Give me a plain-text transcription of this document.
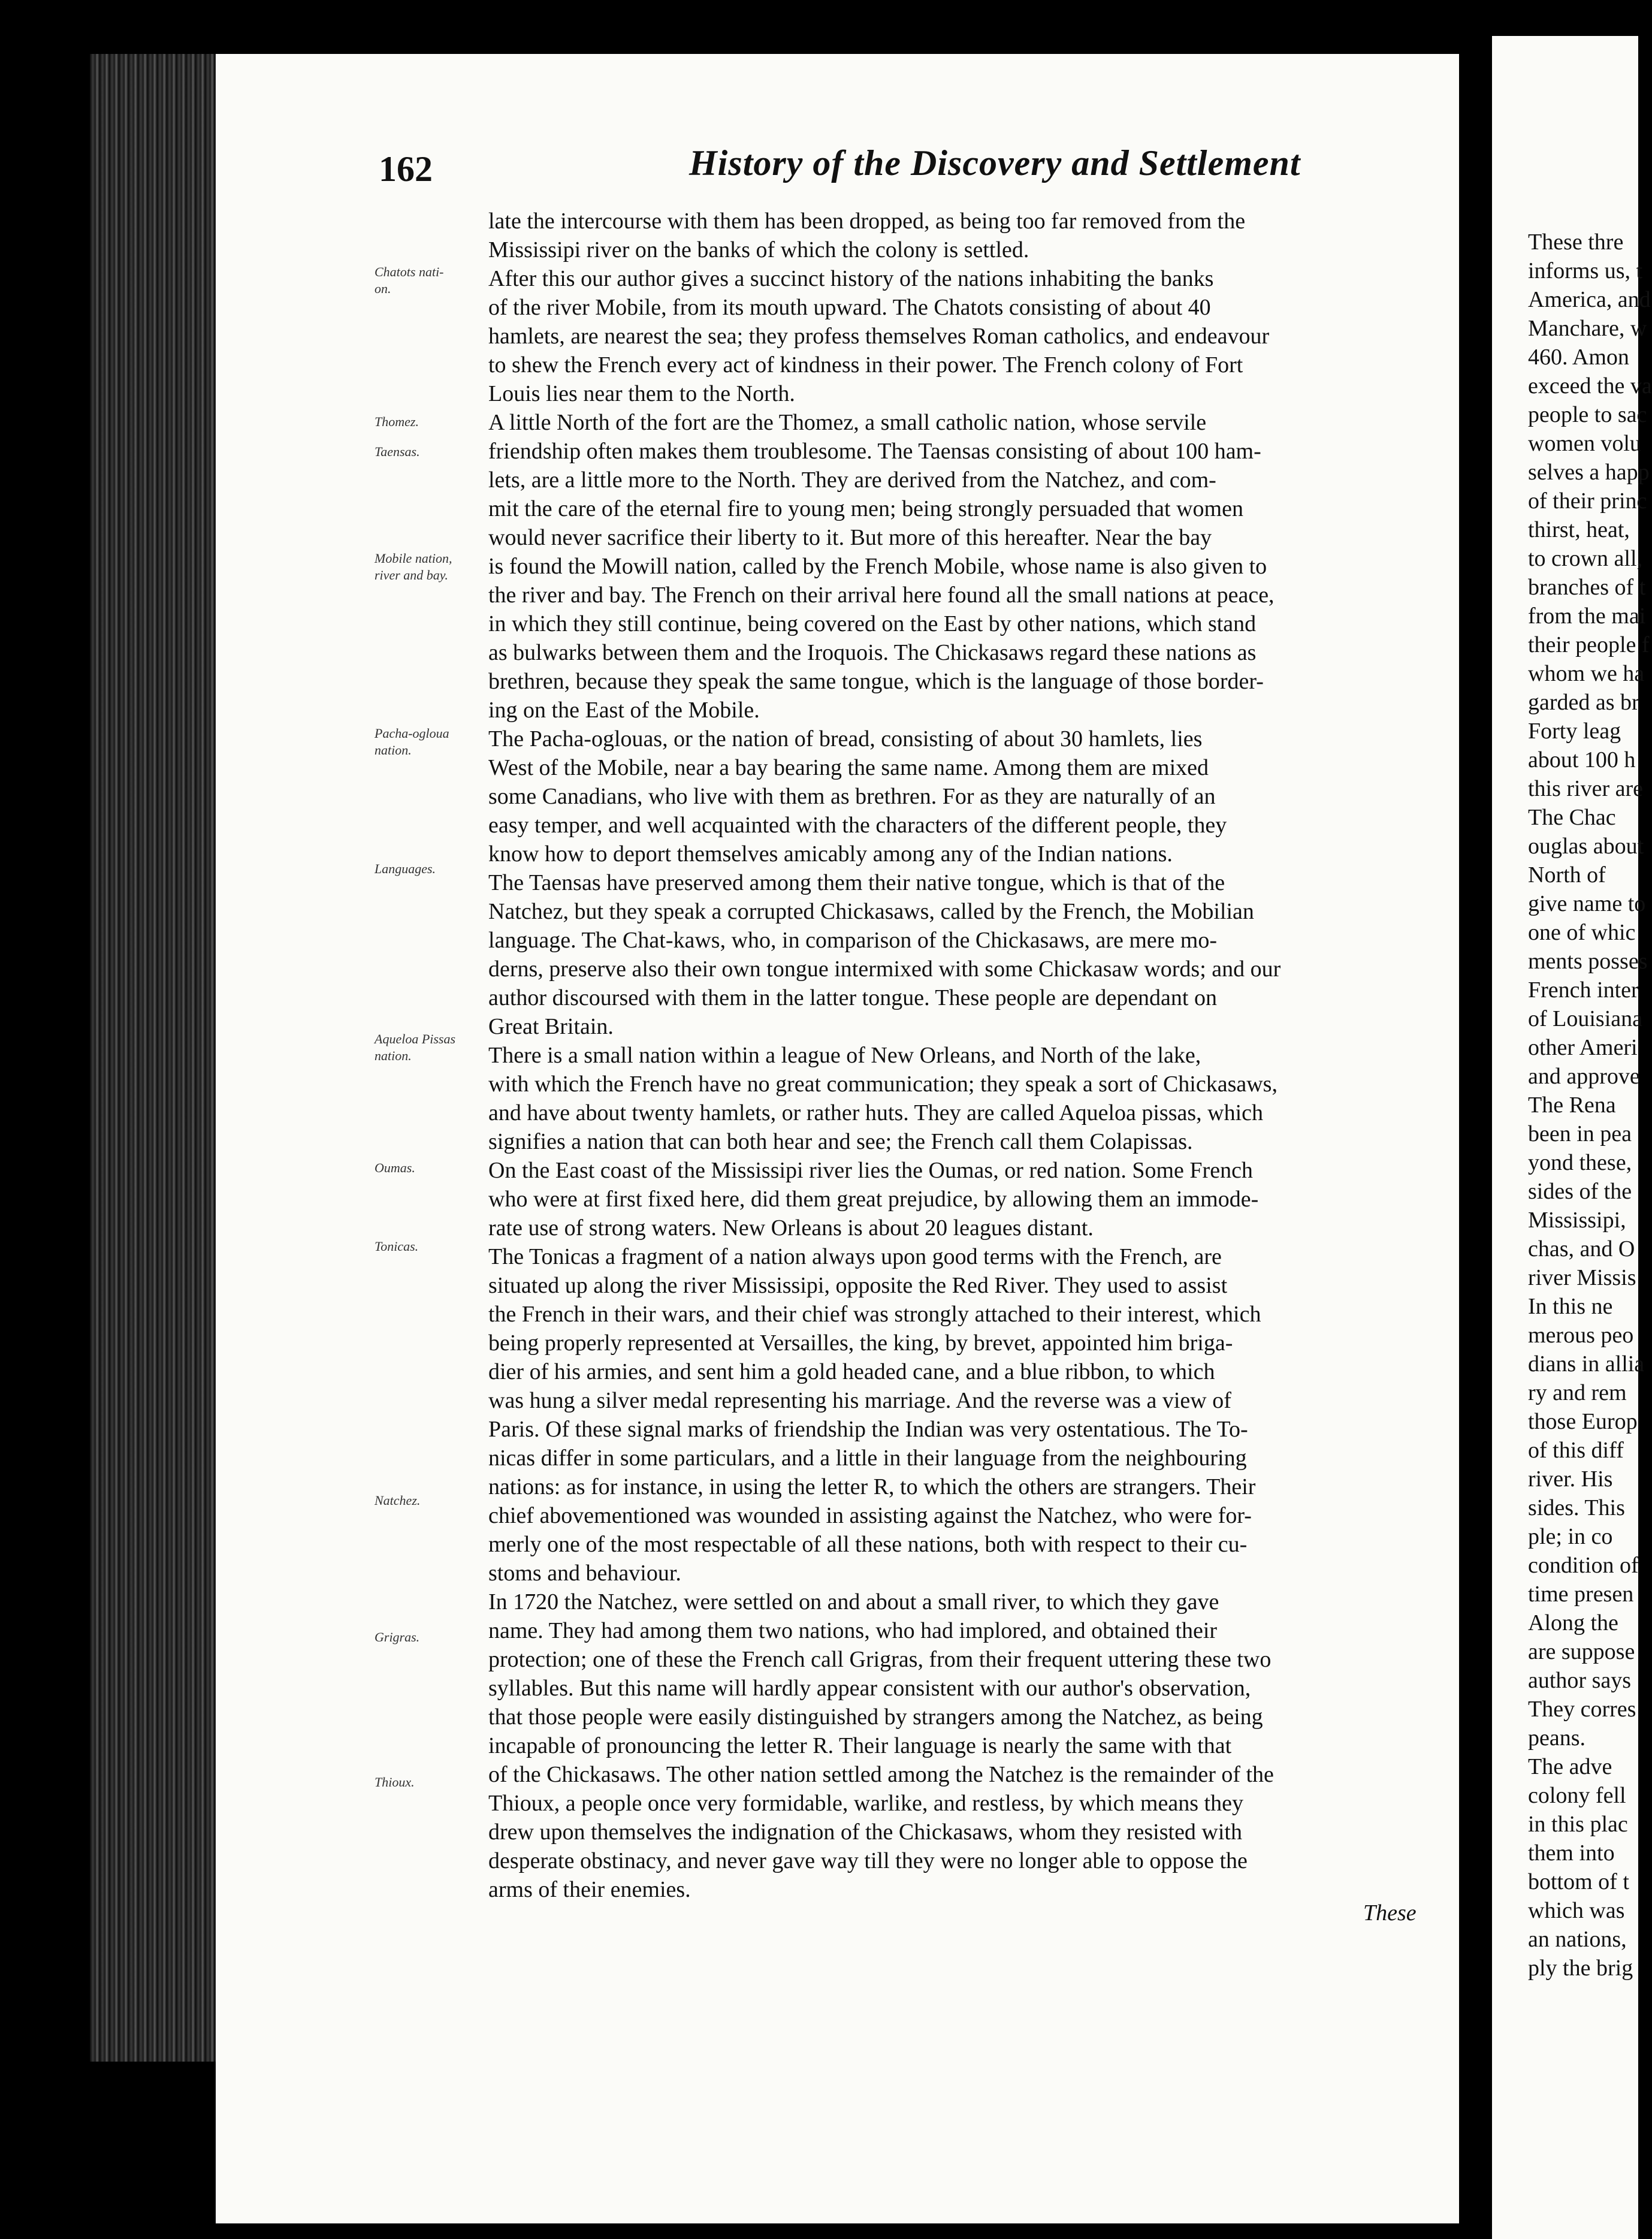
162	History of the Discovery and Settlement
Chatots nati-
on.
Thomez.
Taensas.
Mobile nation,
river and bay.
Pacha-ogloua
nation.
Languages.
Aqueloa Pissas
nation.
Oumas.
Tonicas.
Natchez.
Grigras.
Thioux.
late the intercourse with them has been dropped, as being too far removed from the
Mississipi river on the banks of which the colony is settled.
After this our author gives a succinct history of the nations inhabiting the banks
of the river Mobile, from its mouth upward. The Chatots consisting of about 40
hamlets, are nearest the sea; they profess themselves Roman catholics, and endeavour
to shew the French every act of kindness in their power. The French colony of Fort
Louis lies near them to the North.
A little North of the fort are the Thomez, a small catholic nation, whose servile
friendship often makes them troublesome. The Taensas consisting of about 100 ham-
lets, are a little more to the North. They are derived from the Natchez, and com-
mit the care of the eternal fire to young men; being strongly persuaded that women
would never sacrifice their liberty to it. But more of this hereafter. Near the bay
is found the Mowill nation, called by the French Mobile, whose name is also given to
the river and bay. The French on their arrival here found all the small nations at peace,
in which they still continue, being covered on the East by other nations, which stand
as bulwarks between them and the Iroquois. The Chickasaws regard these nations as
brethren, because they speak the same tongue, which is the language of those border-
ing on the East of the Mobile.
The Pacha-oglouas, or the nation of bread, consisting of about 30 hamlets, lies
West of the Mobile, near a bay bearing the same name. Among them are mixed
some Canadians, who live with them as brethren. For as they are naturally of an
easy temper, and well acquainted with the characters of the different people, they
know how to deport themselves amicably among any of the Indian nations.
The Taensas have preserved among them their native tongue, which is that of the
Natchez, but they speak a corrupted Chickasaws, called by the French, the Mobilian
language. The Chat-kaws, who, in comparison of the Chickasaws, are mere mo-
derns, preserve also their own tongue intermixed with some Chickasaw words; and our
author discoursed with them in the latter tongue. These people are dependant on
Great Britain.
There is a small nation within a league of New Orleans, and North of the lake,
with which the French have no great communication; they speak a sort of Chickasaws,
and have about twenty hamlets, or rather huts. They are called Aqueloa pissas, which
signifies a nation that can both hear and see; the French call them Colapissas.
On the East coast of the Mississipi river lies the Oumas, or red nation. Some French
who were at first fixed here, did them great prejudice, by allowing them an immode-
rate use of strong waters. New Orleans is about 20 leagues distant.
The Tonicas a fragment of a nation always upon good terms with the French, are
situated up along the river Mississipi, opposite the Red River. They used to assist
the French in their wars, and their chief was strongly attached to their interest, which
being properly represented at Versailles, the king, by brevet, appointed him briga-
dier of his armies, and sent him a gold headed cane, and a blue ribbon, to which
was hung a silver medal representing his marriage. And the reverse was a view of
Paris. Of these signal marks of friendship the Indian was very ostentatious. The To-
nicas differ in some particulars, and a little in their language from the neighbouring
nations: as for instance, in using the letter R, to which the others are strangers. Their
chief abovementioned was wounded in assisting against the Natchez, who were for-
merly one of the most respectable of all these nations, both with respect to their cu-
stoms and behaviour.
In 1720 the Natchez, were settled on and about a small river, to which they gave
name. They had among them two nations, who had implored, and obtained their
protection; one of these the French call Grigras, from their frequent uttering these two
syllables. But this name will hardly appear consistent with our author's observation,
that those people were easily distinguished by strangers among the Natchez, as being
incapable of pronouncing the letter R. Their language is nearly the same with that
of the Chickasaws. The other nation settled among the Natchez is the remainder of the
Thioux, a people once very formidable, warlike, and restless, by which means they
drew upon themselves the indignation of the Chickasaws, whom they resisted with
desperate obstinacy, and never gave way till they were no longer able to oppose the
arms of their enemies.
These
These thre
informs us, t
America, and
Manchare, w
460. Amon
exceed the va
people to sac
women volu
selves a happ
of their princ
thirst, heat,
to crown all,
branches of t
from the mai
their people f
whom we ha
garded as br
Forty leag
about 100 h
this river are
The Chac
ouglas about
North of
give name to
one of whic
ments posses
French inter
of Louisiana
other Ameri
and approve
The Rena
been in pea
yond these,
sides of the
Mississipi,
chas, and O
river Missis
In this ne
merous peo
dians in allia
ry and rem
those Europ
of this diff
river. His
sides. This
ple; in co
condition of
time presen
Along the
are suppose
author says
They corres
peans.
The adve
colony fell
in this plac
them into
bottom of t
which was
an nations,
ply the brig
